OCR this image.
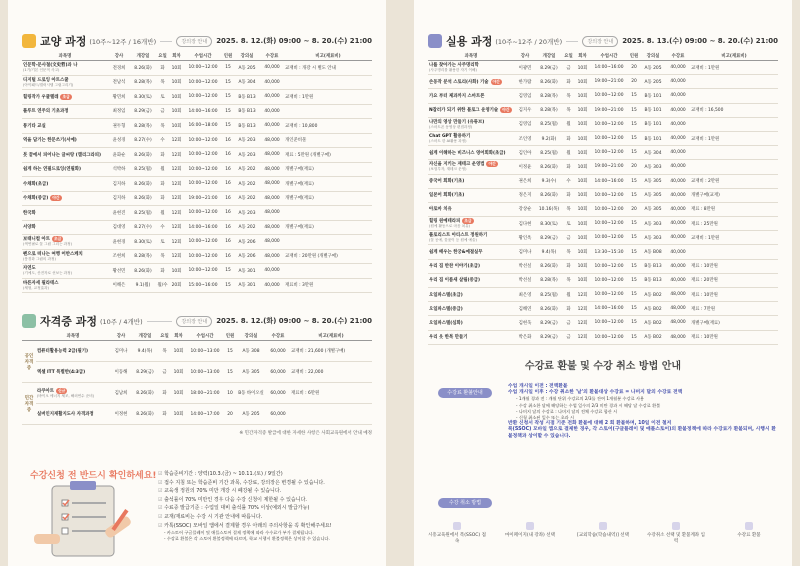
교양 과정 (10주~12주 / 16개반)	강의장 안내	2025. 8. 12.(화) 09:00 ~ 8. 20.(수) 21:00
과목명	강사	개강일	요일	회차	수업시간	인원	강의실	수강료	비고(재료비)
인문학-문사철(文史哲)과 나
(1기/기본 인문적 사고)	전경희	8.26(화)	화	10회	10:00~12:00	15	A동 205	40,000	교재비 : 개강 시 별도 안내
디지털 드로잉 아트스쿨
(아이패드/갤럭시탭 그림그리기)	전남석	8.28(목)	목	10회	10:00~12:00	15	A동 304	40,000	
힐링작가 우쿨렐레 초급	황민희	8.30(토)	토	10회	10:00~12:00	15	B동 B13	40,000	교재비 : 1만원
플루트 연주의 기초과정	최정임	8.29(금)	금	10회	14:00~16:00	15	B동 B13	40,000	
통기타 교실	권두형	8.28(목)	목	10회	16:00~18:00	15	B동 B13	40,000	교재비 : 10,800
역을 담기는 한문쓰기(서예)	윤성경	8.27(수)	수	12회	10:00~12:00	16	A동 203	48,000	개인준비물
붓 끝에서 피어나는 글씨랑 (캘리그라피)	윤화순	8.26(화)	화	12회	10:00~12:00	16	A동 203	48,000	재료 : 5만원 (개별구매)
쉽게 하는 연필드로잉(연필화)	석박하	8.25(월)	월	12회	10:00~12:00	16	A동 202	48,000	개별구매(재료)
수채화(초급)	김지하	8.26(화)	화	12회	10:00~12:00	16	A동 202	48,000	개별구매(재료)
수채화(중급) 야간	김지하	8.26(화)	화	12회	19:00~21:00	16	A동 202	48,000	개별구매(재료)
한국화	윤현진	8.25(월)	월	12회	10:00~12:00	16	A동 203	48,000	
서양화	김대영	8.27(수)	수	12회	14:00~16:00	16	A동 202	48,000	개별구매(재료)
보태니컬 아트 초급
(색연필로 꽃 그림 그리는 과정)	윤현경	8.30(토)	토	12회	10:00~12:00	16	A동 206	48,000	
펜으로 떠나는 여행 어반스케치
(풍경화 그림의 과정)	조현희	8.28(목)	목	12회	10:00~12:00	16	A동 206	48,000	교재비 : 20만원 (개별구매)
자연도
(기예도, 산전자로 선보는 과정)	황선민	8.26(화)	화	10회	10:00~12:00	15	A동 301	40,000	
바른자세 필라테스
(체형, 교정효과)	이해은	9.1(월)	월/수	20회	15:00~16:00	15	A동 301	40,000	재료비 : 3만원
자격증 과정 (10주 / 4개반)	강의장 안내	2025. 8. 12.(화) 09:00 ~ 8. 20.(수) 21:00
	과목명	강사	개강일	요일	회차	수업시간	인원	강의실	수강료	비고(재료비)
공인 자격증	컴퓨터활용능력 2급(필기)	김미나	9.4(목)	목	10회	10:00~13:00	15	A동 308	60,000	교재비 : 21,600 (개별구매)
	엑셀 ITT 특별반(4:3급)	이동해	8.29(금)	금	10회	10:00~13:00	15	A동 305	60,000	교재비 : 22,000
민간 자격증	라쿠아트 신규
(바이오 에너지 체조, 해외연수 준비)	김남희	8.26(화)	화	10회	18:00~21:00	10	B동 바이오실	60,000	재료비 : 6만원
	실버인지재활지도사 자격과정	이정현	8.26(화)	화	10회	14:00~17:00	20	A동 205	60,000	
※ 민간자격증 발급에 대한 자세한 사항은 사회교육원에서 안내 예정
수강신청 전 반드시 확인하세요!	☑ 학습준비기간 : 양력(10.3.(금) ~ 10.11.(토) / 9일간)
☑ 접수 지침 또는 학습준비 기간 과목, 수강료, 강의장은 변경될 수 있습니다.
☑ 교육생 정원의 70% 미만 개강 시 폐강될 수 있습니다.
☑ 출석률이 70% 미만인 경우 다음 수강 신청이 제한될 수 있습니다.
☑ 수료증 발급기준 : 수업일 대비 출석률 70% 이상(예외시 발급가능)
☑ 교재/재료비는 수강 시 기관 안내에 따릅니다.
☑ 카톡(SSOC) 모바일 앱에서 결제할 경우 아래의 주의사항을 꼭 확인해주세요!
- 카스토어 구글플레이 및 애플스토어 결제 정책에 따라 수수료가 부가 결제됩니다.
- 수강료 환불은 각 스토어 환불정책에 따르며, 학교 시행시 환불정책은 상이할 수 있습니다.
실용 과정 (10주~12주 / 20개반)	강의장 안내	2025. 8. 13.(수) 09:00 ~ 8. 20.(수) 21:00
과목명	강사	개강일	요일	회차	수업시간	인원	강의실	수강료	비고(재료비)
나를 찾아가는 사주명리학
(사주명리를 활용한 자기 이해)	이광민	8.29(금)	금	10회	14:00~16:00	20	A동 205	40,000	교재비 : 1만원
손동작 분석 스토리(사화) 기술 야간	한가람	8.26(화)	화	10회	19:00~21:00	20	A동 205	40,000	
가요 부터 제과까지 스마트폰	김영임	8.28(목)	목	10회	10:00~12:00	15	B동 101	40,000	
N잡러가 되기 위한 블로그 운영기술 야간	김지우	8.28(목)	목	10회	19:00~21:00	15	B동 101	40,000	교재비 : 16,500
나만의 영상 만들기 (유튜브)
(스마트폰 동영상 편집과정)	김영임	8.25(월)	월	10회	10:00~12:00	15	B동 101	40,000	
Chat GPT 활용하기
(스마트 한 AI활용 과정)	조인영	9.2(화)	화	10회	10:00~12:00	15	B동 101	40,000	교재비 : 1만원
쉽게 이해하는 비즈니스 영어회화(초급)	김인아	8.25(월)	월	10회	10:00~12:00	15	A동 304	40,000	
자신을 지키는 재테크 운영법 야간
(보험투자, 재테크 운영)	이정윤	8.26(화)	화	10회	19:00~21:00	20	A동 303	40,000	
중국어 회화(기초)	권은희	9.3(수)	수	10회	14:00~16:00	15	A동 305	40,000	교재비 : 2만원
일본어 회화(기초)	정은지	8.26(화)	화	10회	10:00~12:00	15	A동 305	40,000	개별구매(교재)
아로마 치유	강상순	10.16(목)	목	10회	10:00~12:00	20	A동 305	40,000	재료 : 8만원
힐링 원예테라피 초급
(원예 활동으로 마음 치유)	김다현	8.30(토)	토	10회	10:00~12:00	15	A동 303	40,000	재료 : 25만원
플로리스트 아티스트 정원하기
(꽃 공예, 꽃꽂이 등 원예 예술)	황인옥	8.29(금)	금	10회	10:00~12:00	15	A동 303	40,000	교재비 : 1만원
쉽게 배우는 한궁&예절실무	김미나	9.4(목)	목	10회	13:30~15:30	15	A동 B08	40,000	
우리 집 반찬 이야기(초급)	박선실	8.26(화)	화	10회	10:00~12:00	15	B동 B13	40,000	재료 : 10만원
우리 집 이름새 살림(중급)	박선실	8.28(목)	목	10회	10:00~12:00	15	B동 B13	40,000	재료 : 20만원
오일파스텔(초급)	최은영	8.25(월)	월	12회	10:00~12:00	15	A동 B02	48,000	재료 : 10만원
오일파스텔(중급)	김해연	8.26(화)	화	12회	14:00~16:00	15	A동 B02	48,000	재료 : 7만원
오일파스텔(심화)	김현욱	8.29(금)	금	12회	10:00~12:00	15	A동 B02	48,000	개별구매(재료)
우리 옷 한복 만들기	박은화	8.29(금)	금	12회	10:00~12:00	15	A동 B02	48,000	재료 : 10만원
수강료 환불 및 수강 취소 방법 안내
수강료 환불안내
수업 개시일 이전 : 전액환불
수업 개시일 이후 : 수강 취소한 '날'의 환불대상 수강료 = 나머지 달의 수강료 전액
- 1개월 경과 전 : 개월 단위 수강료의 2/3를 잔여 1개월분 수강료 사용
- 수강 취소한 달에 해당하는 수업 일수의 2/3 미만 경과 시 해당 달 수강료 환불
- 나머지 달의 수강료 : 나머지 달의 전체 수강료 합산 시
- 신청 취소된 일수 또는 초과 시
반환 신청서 작성 시점 기준 전화 환불에 대해 2 회 환불하며, 10일 이전 철저
폭(SSOC) 모바일 앱으로 결제한 경우, 각 스토어(구글플레이 및 애플스토어)의 환불정책에 따라 수강료가 환불되며, 시행시 환불정책과 상이할 수 있습니다.
수강 취소 방법
시흥교육원에서 폭(SSOC) 접속
마이페이지(내 강좌) 선택	[교외학습(학습내역)] 선택	수강취소 선택 및 환불계좌 입력
수강료 환불
